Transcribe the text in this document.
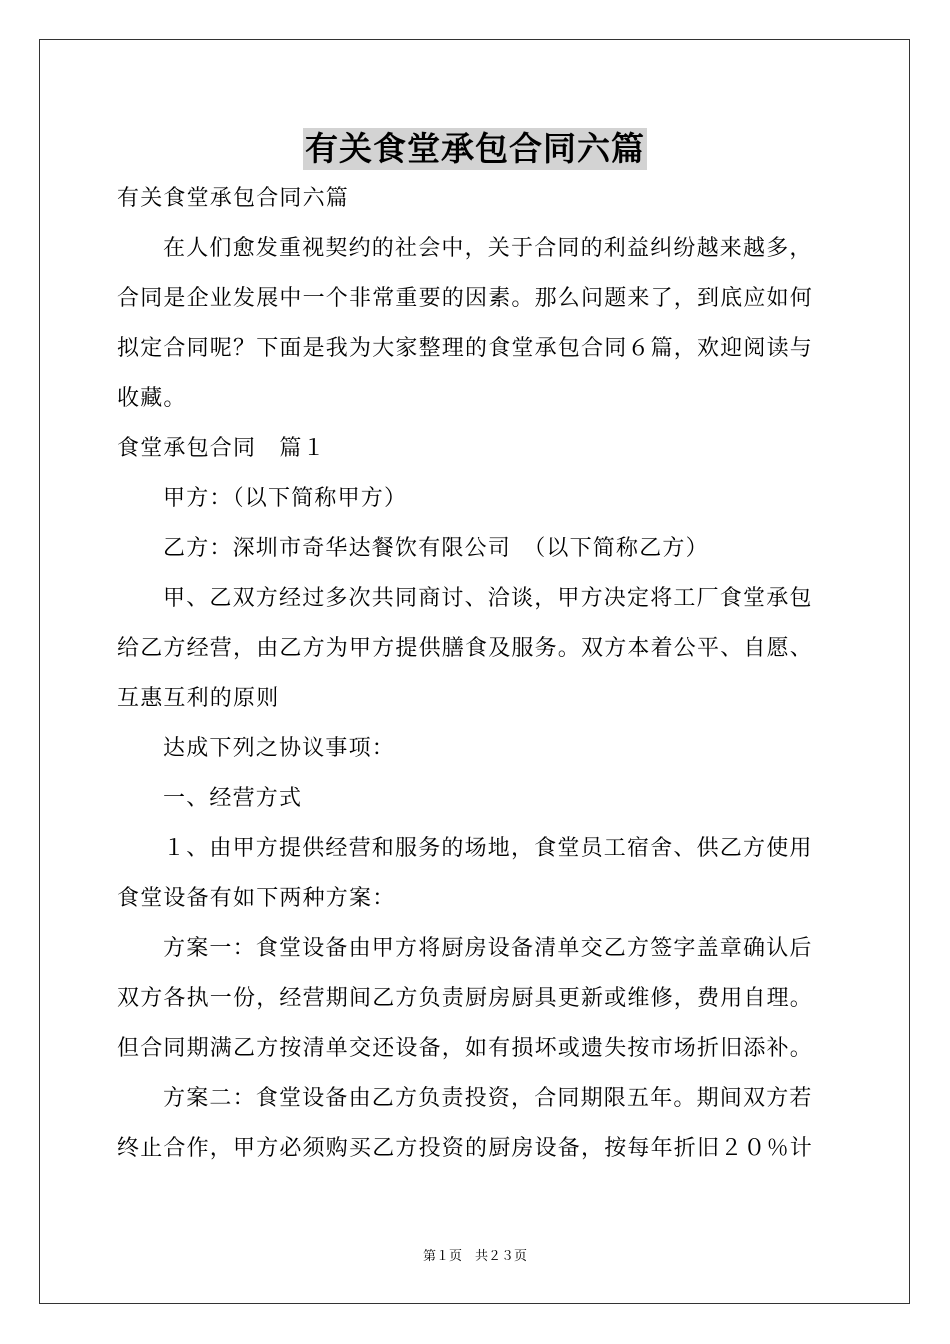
有关食堂承包合同六篇
有关食堂承包合同六篇
在人们愈发重视契约的社会中，关于合同的利益纠纷越来越多，
合同是企业发展中一个非常重要的因素。那么问题来了，到底应如何
拟定合同呢？下面是我为大家整理的食堂承包合同６篇，欢迎阅读与
收藏。
食堂承包合同　篇１
甲方：（以下简称甲方）
乙方：深圳市奇华达餐饮有限公司　（以下简称乙方）
甲、乙双方经过多次共同商讨、洽谈，甲方决定将工厂食堂承包
给乙方经营，由乙方为甲方提供膳食及服务。双方本着公平、自愿、
互惠互利的原则
达成下列之协议事项：
一、经营方式
１、由甲方提供经营和服务的场地，食堂员工宿舍、供乙方使用
食堂设备有如下两种方案：
方案一：食堂设备由甲方将厨房设备清单交乙方签字盖章确认后
双方各执一份，经营期间乙方负责厨房厨具更新或维修，费用自理。
但合同期满乙方按清单交还设备，如有损坏或遗失按市场折旧添补。
方案二：食堂设备由乙方负责投资，合同期限五年。期间双方若
终止合作，甲方必须购买乙方投资的厨房设备，按每年折旧２０％计
第１页　共２３页
